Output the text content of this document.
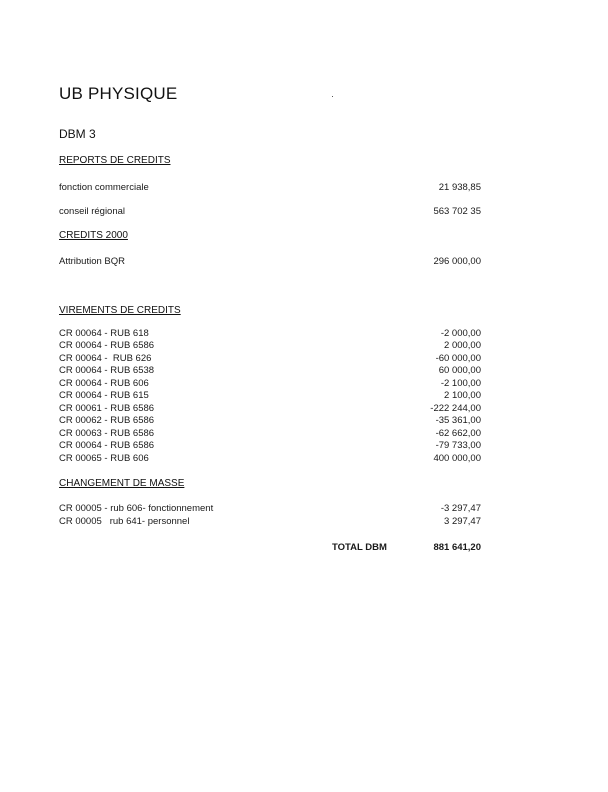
UB PHYSIQUE
DBM 3
REPORTS DE CREDITS
fonction commerciale	21 938,85
conseil régional	563 702 35
CREDITS 2000
Attribution BQR	296 000,00
VIREMENTS DE CREDITS
CR 00064 - RUB 618	-2 000,00
CR 00064 - RUB 6586	2 000,00
CR 00064 -  RUB 626	-60 000,00
CR 00064 - RUB 6538	60 000,00
CR 00064 - RUB 606	-2 100,00
CR 00064 - RUB 615	2 100,00
CR 00061 - RUB 6586	-222 244,00
CR 00062 - RUB 6586	-35 361,00
CR 00063 - RUB 6586	-62 662,00
CR 00064 - RUB 6586	-79 733,00
CR 00065 - RUB 606	400 000,00
CHANGEMENT DE MASSE
CR 00005 - rub 606- fonctionnement	-3 297,47
CR 00005   rub 641- personnel	3 297,47
TOTAL DBM	881 641,20
